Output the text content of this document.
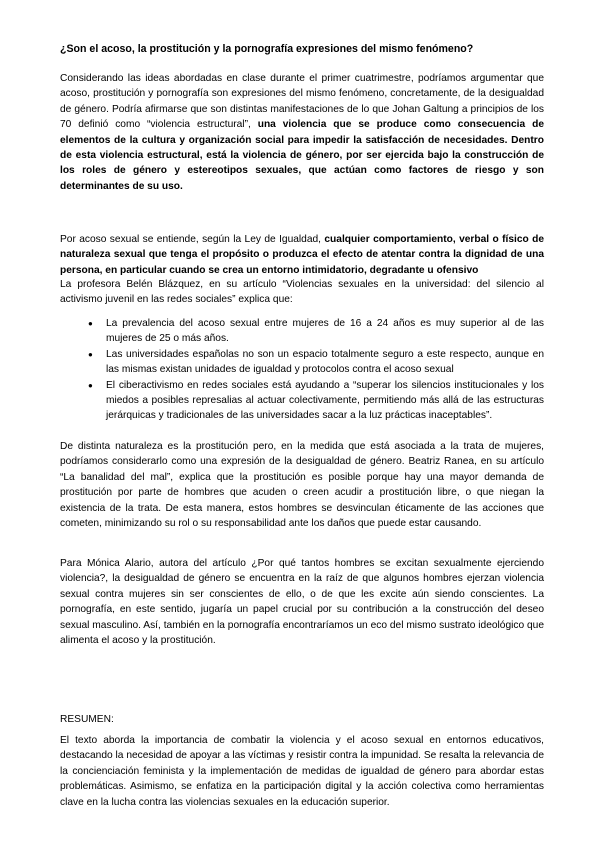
¿Son el acoso, la prostitución y la pornografía expresiones del mismo fenómeno?

Considerando las ideas abordadas en clase durante el primer cuatrimestre, podríamos argumentar que acoso, prostitución y pornografía son expresiones del mismo fenómeno, concretamente, de la desigualdad de género. Podría afirmarse que son distintas manifestaciones de lo que Johan Galtung a principios de los 70 definió como “violencia estructural”, una violencia que se produce como consecuencia de elementos de la cultura y organización social para impedir la satisfacción de necesidades. Dentro de esta violencia estructural, está la violencia de género, por ser ejercida bajo la construcción de los roles de género y estereotipos sexuales, que actúan como factores de riesgo y son determinantes de su uso.

Por acoso sexual se entiende, según la Ley de Igualdad, cualquier comportamiento, verbal o físico de naturaleza sexual que tenga el propósito o produzca el efecto de atentar contra la dignidad de una persona, en particular cuando se crea un entorno intimidatorio, degradante u ofensivo

La profesora Belén Blázquez, en su artículo “Violencias sexuales en la universidad: del silencio al activismo juvenil en las redes sociales” explica que:

● La prevalencia del acoso sexual entre mujeres de 16 a 24 años es muy superior al de las mujeres de 25 o más años.
● Las universidades españolas no son un espacio totalmente seguro a este respecto, aunque en las mismas existan unidades de igualdad y protocolos contra el acoso sexual
● El ciberactivismo en redes sociales está ayudando a “superar los silencios institucionales y los miedos a posibles represalias al actuar colectivamente, permitiendo más allá de las estructuras jerárquicas y tradicionales de las universidades sacar a la luz prácticas inaceptables”.

De distinta naturaleza es la prostitución pero, en la medida que está asociada a la trata de mujeres, podríamos considerarlo como una expresión de la desigualdad de género. Beatriz Ranea, en su artículo “La banalidad del mal”, explica que la prostitución es posible porque hay una mayor demanda de prostitución por parte de hombres que acuden o creen acudir a prostitución libre, o que niegan la existencia de la trata. De esta manera, estos hombres se desvinculan éticamente de las acciones que cometen, minimizando su rol o su responsabilidad ante los daños que puede estar causando.

Para Mónica Alario, autora del artículo ¿Por qué tantos hombres se excitan sexualmente ejerciendo violencia?, la desigualdad de género se encuentra en la raíz de que algunos hombres ejerzan violencia sexual contra mujeres sin ser conscientes de ello, o de que les excite aún siendo conscientes. La pornografía, en este sentido, jugaría un papel crucial por su contribución a la construcción del deseo sexual masculino. Así, también en la pornografía encontraríamos un eco del mismo sustrato ideológico que alimenta el acoso y la prostitución.

RESUMEN:

El texto aborda la importancia de combatir la violencia y el acoso sexual en entornos educativos, destacando la necesidad de apoyar a las víctimas y resistir contra la impunidad. Se resalta la relevancia de la concienciación feminista y la implementación de medidas de igualdad de género para abordar estas problemáticas. Asimismo, se enfatiza en la participación digital y la acción colectiva como herramientas clave en la lucha contra las violencias sexuales en la educación superior.
